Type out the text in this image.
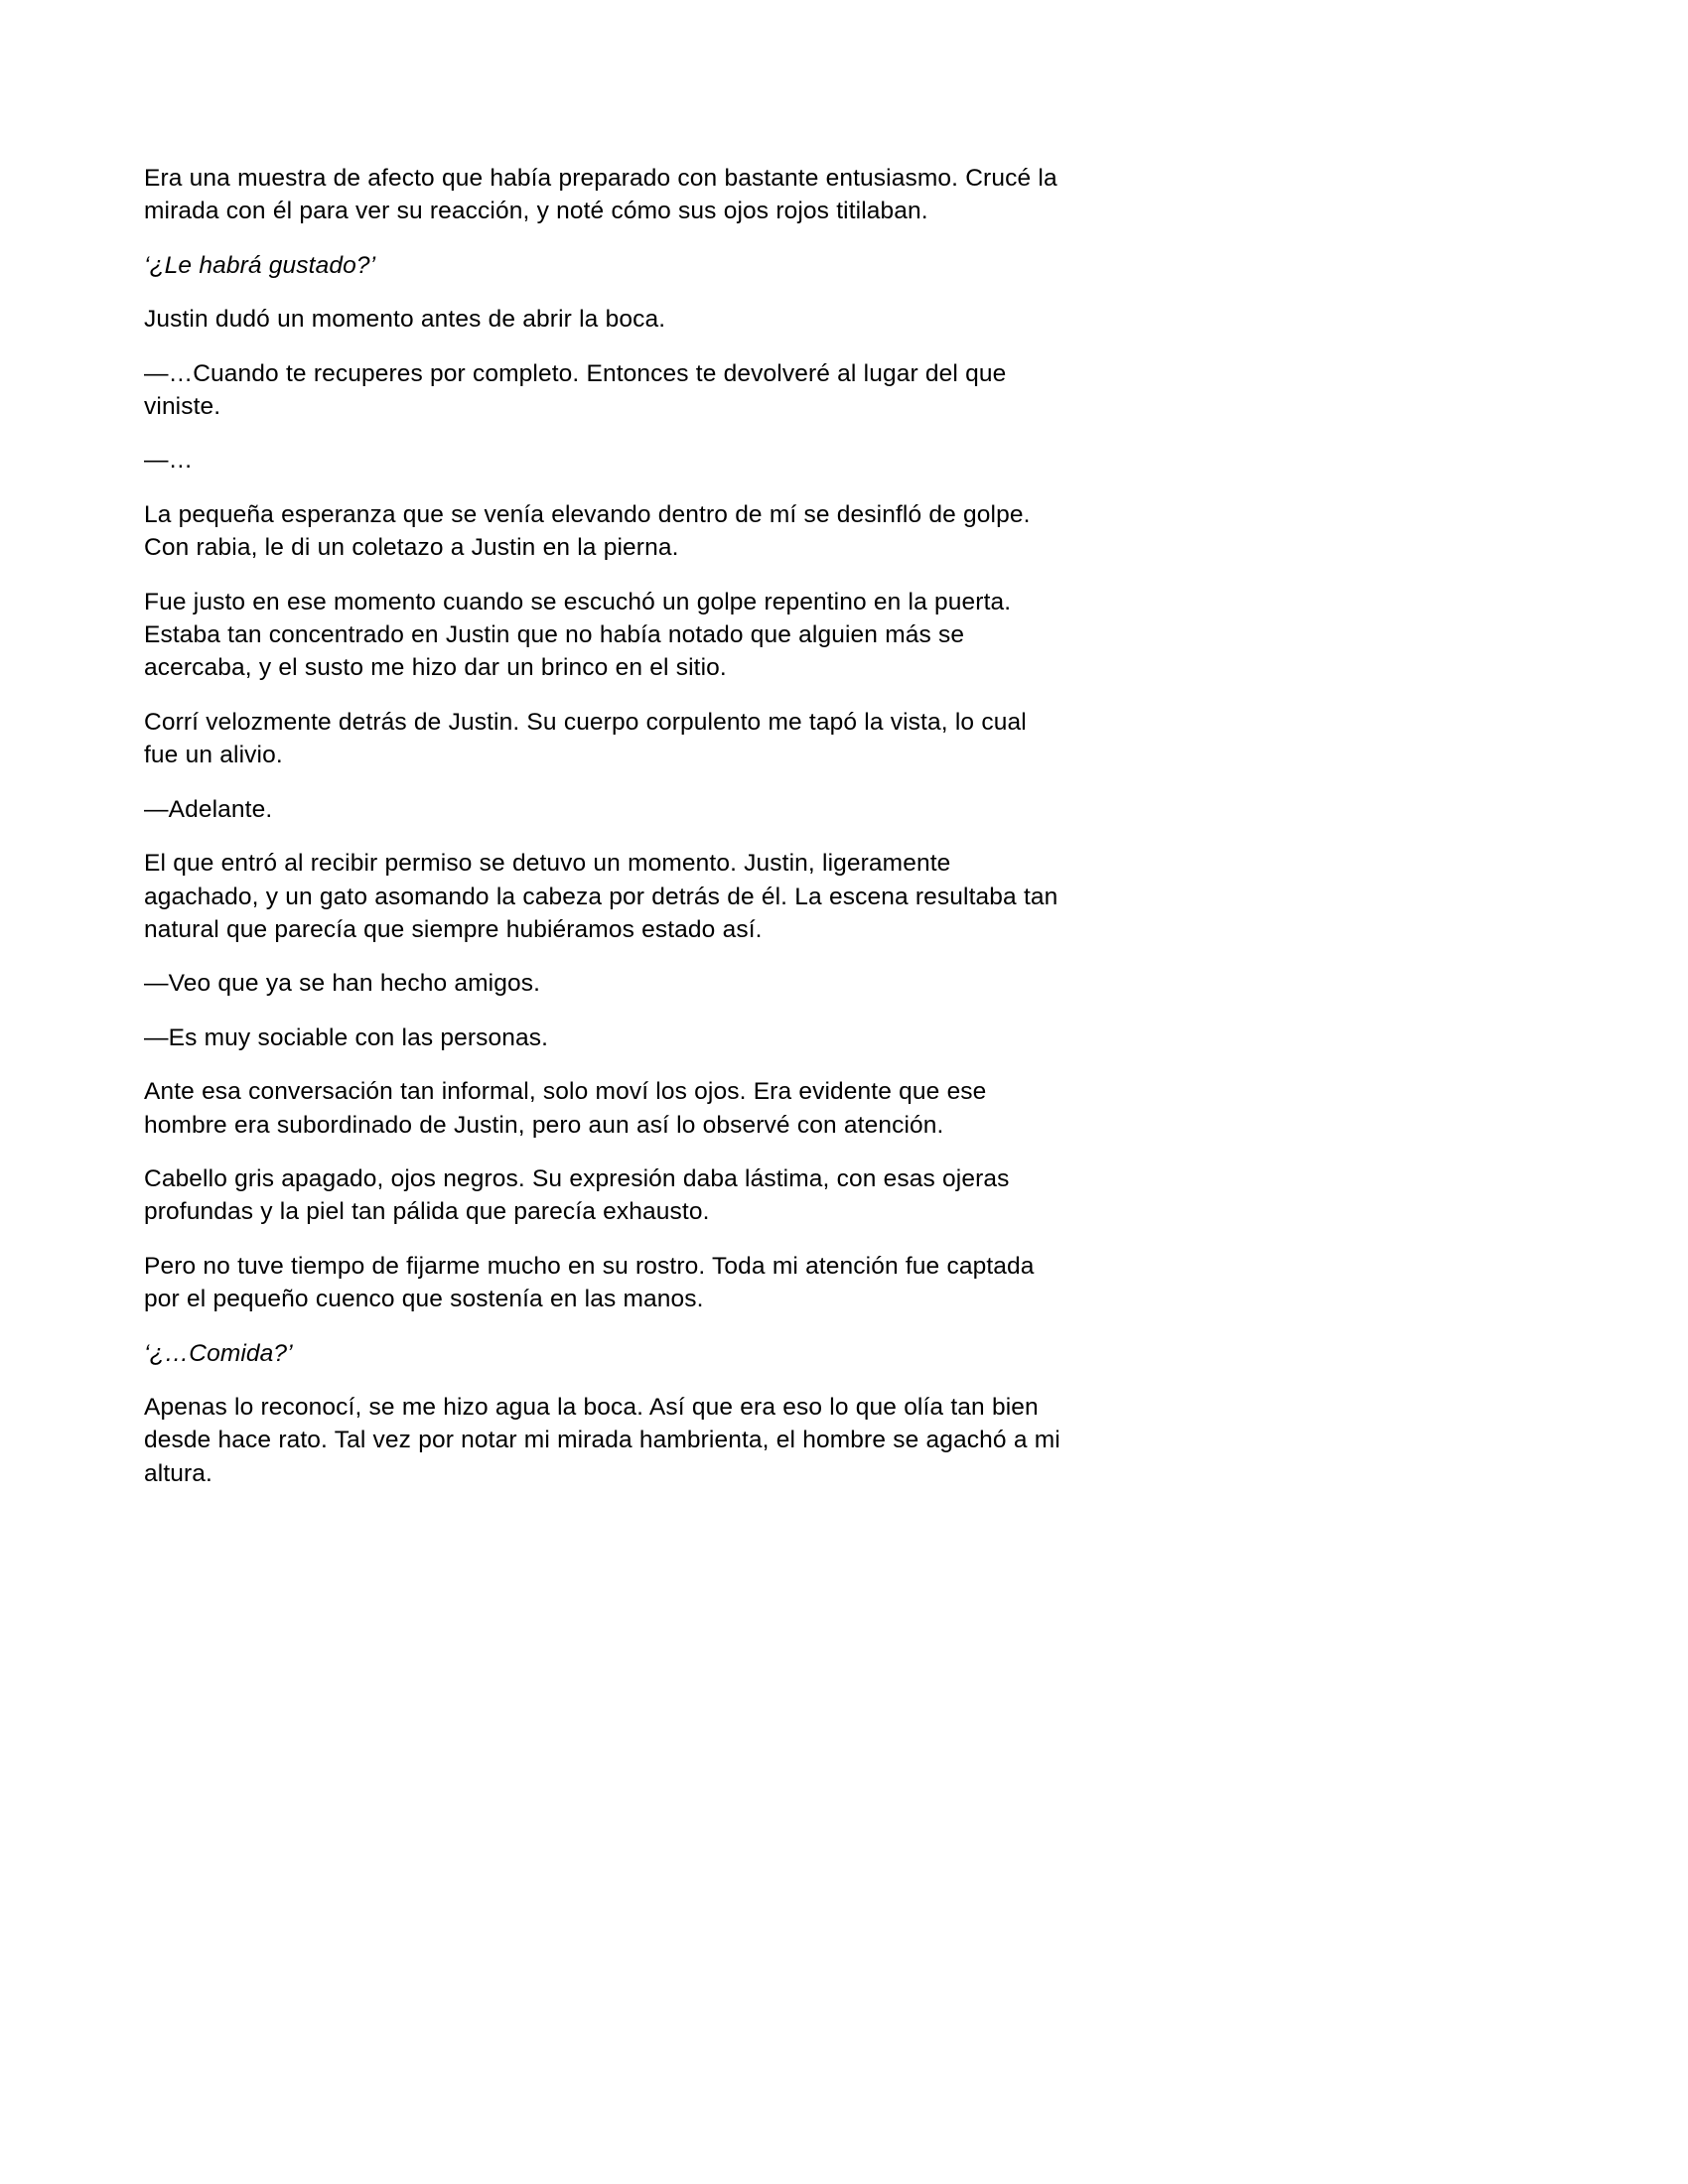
Era una muestra de afecto que había preparado con bastante entusiasmo. Crucé la mirada con él para ver su reacción, y noté cómo sus ojos rojos titilaban.

‘¿Le habrá gustado?’

Justin dudó un momento antes de abrir la boca.

—…Cuando te recuperes por completo. Entonces te devolveré al lugar del que viniste.

—…

La pequeña esperanza que se venía elevando dentro de mí se desinfló de golpe. Con rabia, le di un coletazo a Justin en la pierna.

Fue justo en ese momento cuando se escuchó un golpe repentino en la puerta. Estaba tan concentrado en Justin que no había notado que alguien más se acercaba, y el susto me hizo dar un brinco en el sitio.

Corrí velozmente detrás de Justin. Su cuerpo corpulento me tapó la vista, lo cual fue un alivio.

—Adelante.

El que entró al recibir permiso se detuvo un momento. Justin, ligeramente agachado, y un gato asomando la cabeza por detrás de él. La escena resultaba tan natural que parecía que siempre hubiéramos estado así.

—Veo que ya se han hecho amigos.

—Es muy sociable con las personas.

Ante esa conversación tan informal, solo moví los ojos. Era evidente que ese hombre era subordinado de Justin, pero aun así lo observé con atención.

Cabello gris apagado, ojos negros. Su expresión daba lástima, con esas ojeras profundas y la piel tan pálida que parecía exhausto.

Pero no tuve tiempo de fijarme mucho en su rostro. Toda mi atención fue captada por el pequeño cuenco que sostenía en las manos.

‘¿…Comida?’

Apenas lo reconocí, se me hizo agua la boca. Así que era eso lo que olía tan bien desde hace rato. Tal vez por notar mi mirada hambrienta, el hombre se agachó a mi altura.
